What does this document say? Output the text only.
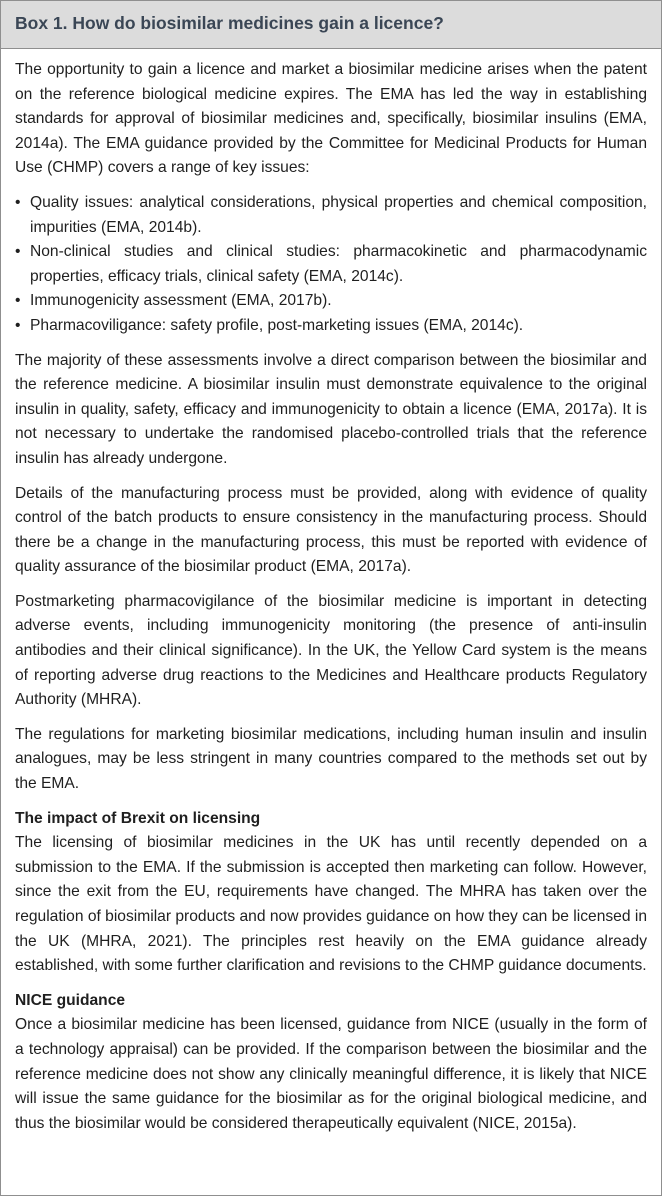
Box 1. How do biosimilar medicines gain a licence?

The opportunity to gain a licence and market a biosimilar medicine arises when the patent on the reference biological medicine expires. The EMA has led the way in establishing standards for approval of biosimilar medicines and, specifically, biosimilar insulins (EMA, 2014a). The EMA guidance provided by the Committee for Medicinal Products for Human Use (CHMP) covers a range of key issues:

• Quality issues: analytical considerations, physical properties and chemical composition, impurities (EMA, 2014b).
• Non-clinical studies and clinical studies: pharmacokinetic and pharmacodynamic properties, efficacy trials, clinical safety (EMA, 2014c).
• Immunogenicity assessment (EMA, 2017b).
• Pharmacoviligance: safety profile, post-marketing issues (EMA, 2014c).

The majority of these assessments involve a direct comparison between the biosimilar and the reference medicine. A biosimilar insulin must demonstrate equivalence to the original insulin in quality, safety, efficacy and immunogenicity to obtain a licence (EMA, 2017a). It is not necessary to undertake the randomised placebo-controlled trials that the reference insulin has already undergone.

Details of the manufacturing process must be provided, along with evidence of quality control of the batch products to ensure consistency in the manufacturing process. Should there be a change in the manufacturing process, this must be reported with evidence of quality assurance of the biosimilar product (EMA, 2017a).

Postmarketing pharmacovigilance of the biosimilar medicine is important in detecting adverse events, including immunogenicity monitoring (the presence of anti-insulin antibodies and their clinical significance). In the UK, the Yellow Card system is the means of reporting adverse drug reactions to the Medicines and Healthcare products Regulatory Authority (MHRA).

The regulations for marketing biosimilar medications, including human insulin and insulin analogues, may be less stringent in many countries compared to the methods set out by the EMA.

The impact of Brexit on licensing
The licensing of biosimilar medicines in the UK has until recently depended on a submission to the EMA. If the submission is accepted then marketing can follow. However, since the exit from the EU, requirements have changed. The MHRA has taken over the regulation of biosimilar products and now provides guidance on how they can be licensed in the UK (MHRA, 2021). The principles rest heavily on the EMA guidance already established, with some further clarification and revisions to the CHMP guidance documents.

NICE guidance
Once a biosimilar medicine has been licensed, guidance from NICE (usually in the form of a technology appraisal) can be provided. If the comparison between the biosimilar and the reference medicine does not show any clinically meaningful difference, it is likely that NICE will issue the same guidance for the biosimilar as for the original biological medicine, and thus the biosimilar would be considered therapeutically equivalent (NICE, 2015a).
